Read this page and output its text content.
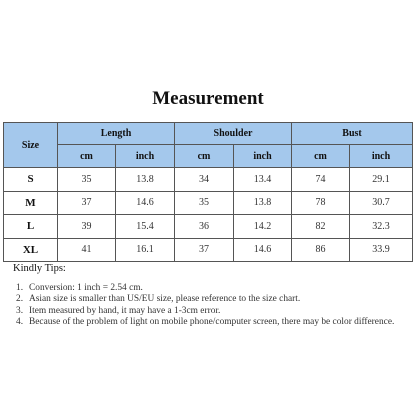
Measurement
Size	Length		Shoulder		Bust	
	cm	inch	cm	inch	cm	inch
S	35	13.8	34	13.4	74	29.1
M	37	14.6	35	13.8	78	30.7
L	39	15.4	36	14.2	82	32.3
XL	41	16.1	37	14.6	86	33.9
Kindly Tips:
1. Conversion: 1 inch = 2.54 cm.
2. Asian size is smaller than US/EU size, please reference to the size chart.
3. Item measured by hand, it may have a 1-3cm error.
4. Because of the problem of light on mobile phone/computer screen, there may be color difference.
